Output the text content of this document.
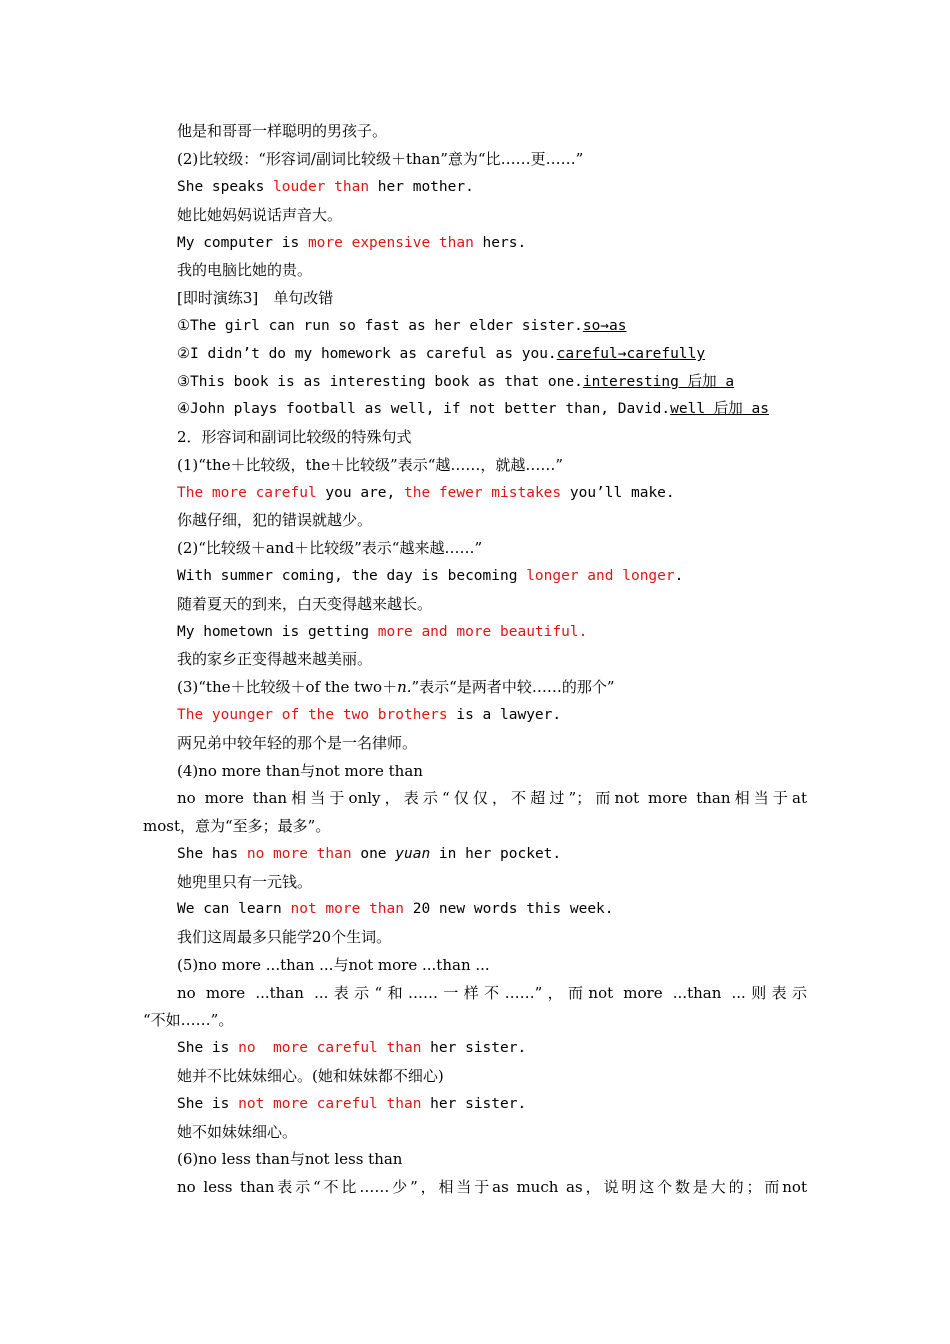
他是和哥哥一样聪明的男孩子。
(2)比较级：“形容词/副词比较级＋than”意为“比……更……”
She speaks louder than her mother.
她比她妈妈说话声音大。
My computer is more expensive than hers.
我的电脑比她的贵。
[即时演练3]　单句改错
①The girl can run so fast as her elder sister.so→as
②I didn’t do my homework as careful as you.careful→carefully
③This book is as interesting book as that one.interesting 后加 a
④John plays football as well, if not better than, David.well 后加 as
2．形容词和副词比较级的特殊句式
(1)“the＋比较级，the＋比较级”表示“越……，就越……”
The more careful you are, the fewer mistakes you’ll make.
你越仔细，犯的错误就越少。
(2)“比较级＋and＋比较级”表示“越来越……”
With summer coming, the day is becoming longer and longer.
随着夏天的到来，白天变得越来越长。
My hometown is getting more and more beautiful.
我的家乡正变得越来越美丽。
(3)“the＋比较级＋of the two＋n.”表示“是两者中较……的那个”
The younger of the two brothers is a lawyer.
两兄弟中较年轻的那个是一名律师。
(4)no more than与not more than
no more than相当于only，表示“仅仅，不超过”；而not more than相当于at
most，意为“至多；最多”。
She has no more than one yuan in her pocket.
她兜里只有一元钱。
We can learn not more than 20 new words this week.
我们这周最多只能学20个生词。
(5)no more ...than ...与not more ...than ...
no more ...than ...表示“和……一样不……”，而not more ...than ...则表示
“不如……”。
She is no  more careful than her sister.
她并不比妹妹细心。(她和妹妹都不细心)
She is not more careful than her sister.
她不如妹妹细心。
(6)no less than与not less than
no less than表示“不比……少”，相当于as much as，说明这个数是大的；而not
